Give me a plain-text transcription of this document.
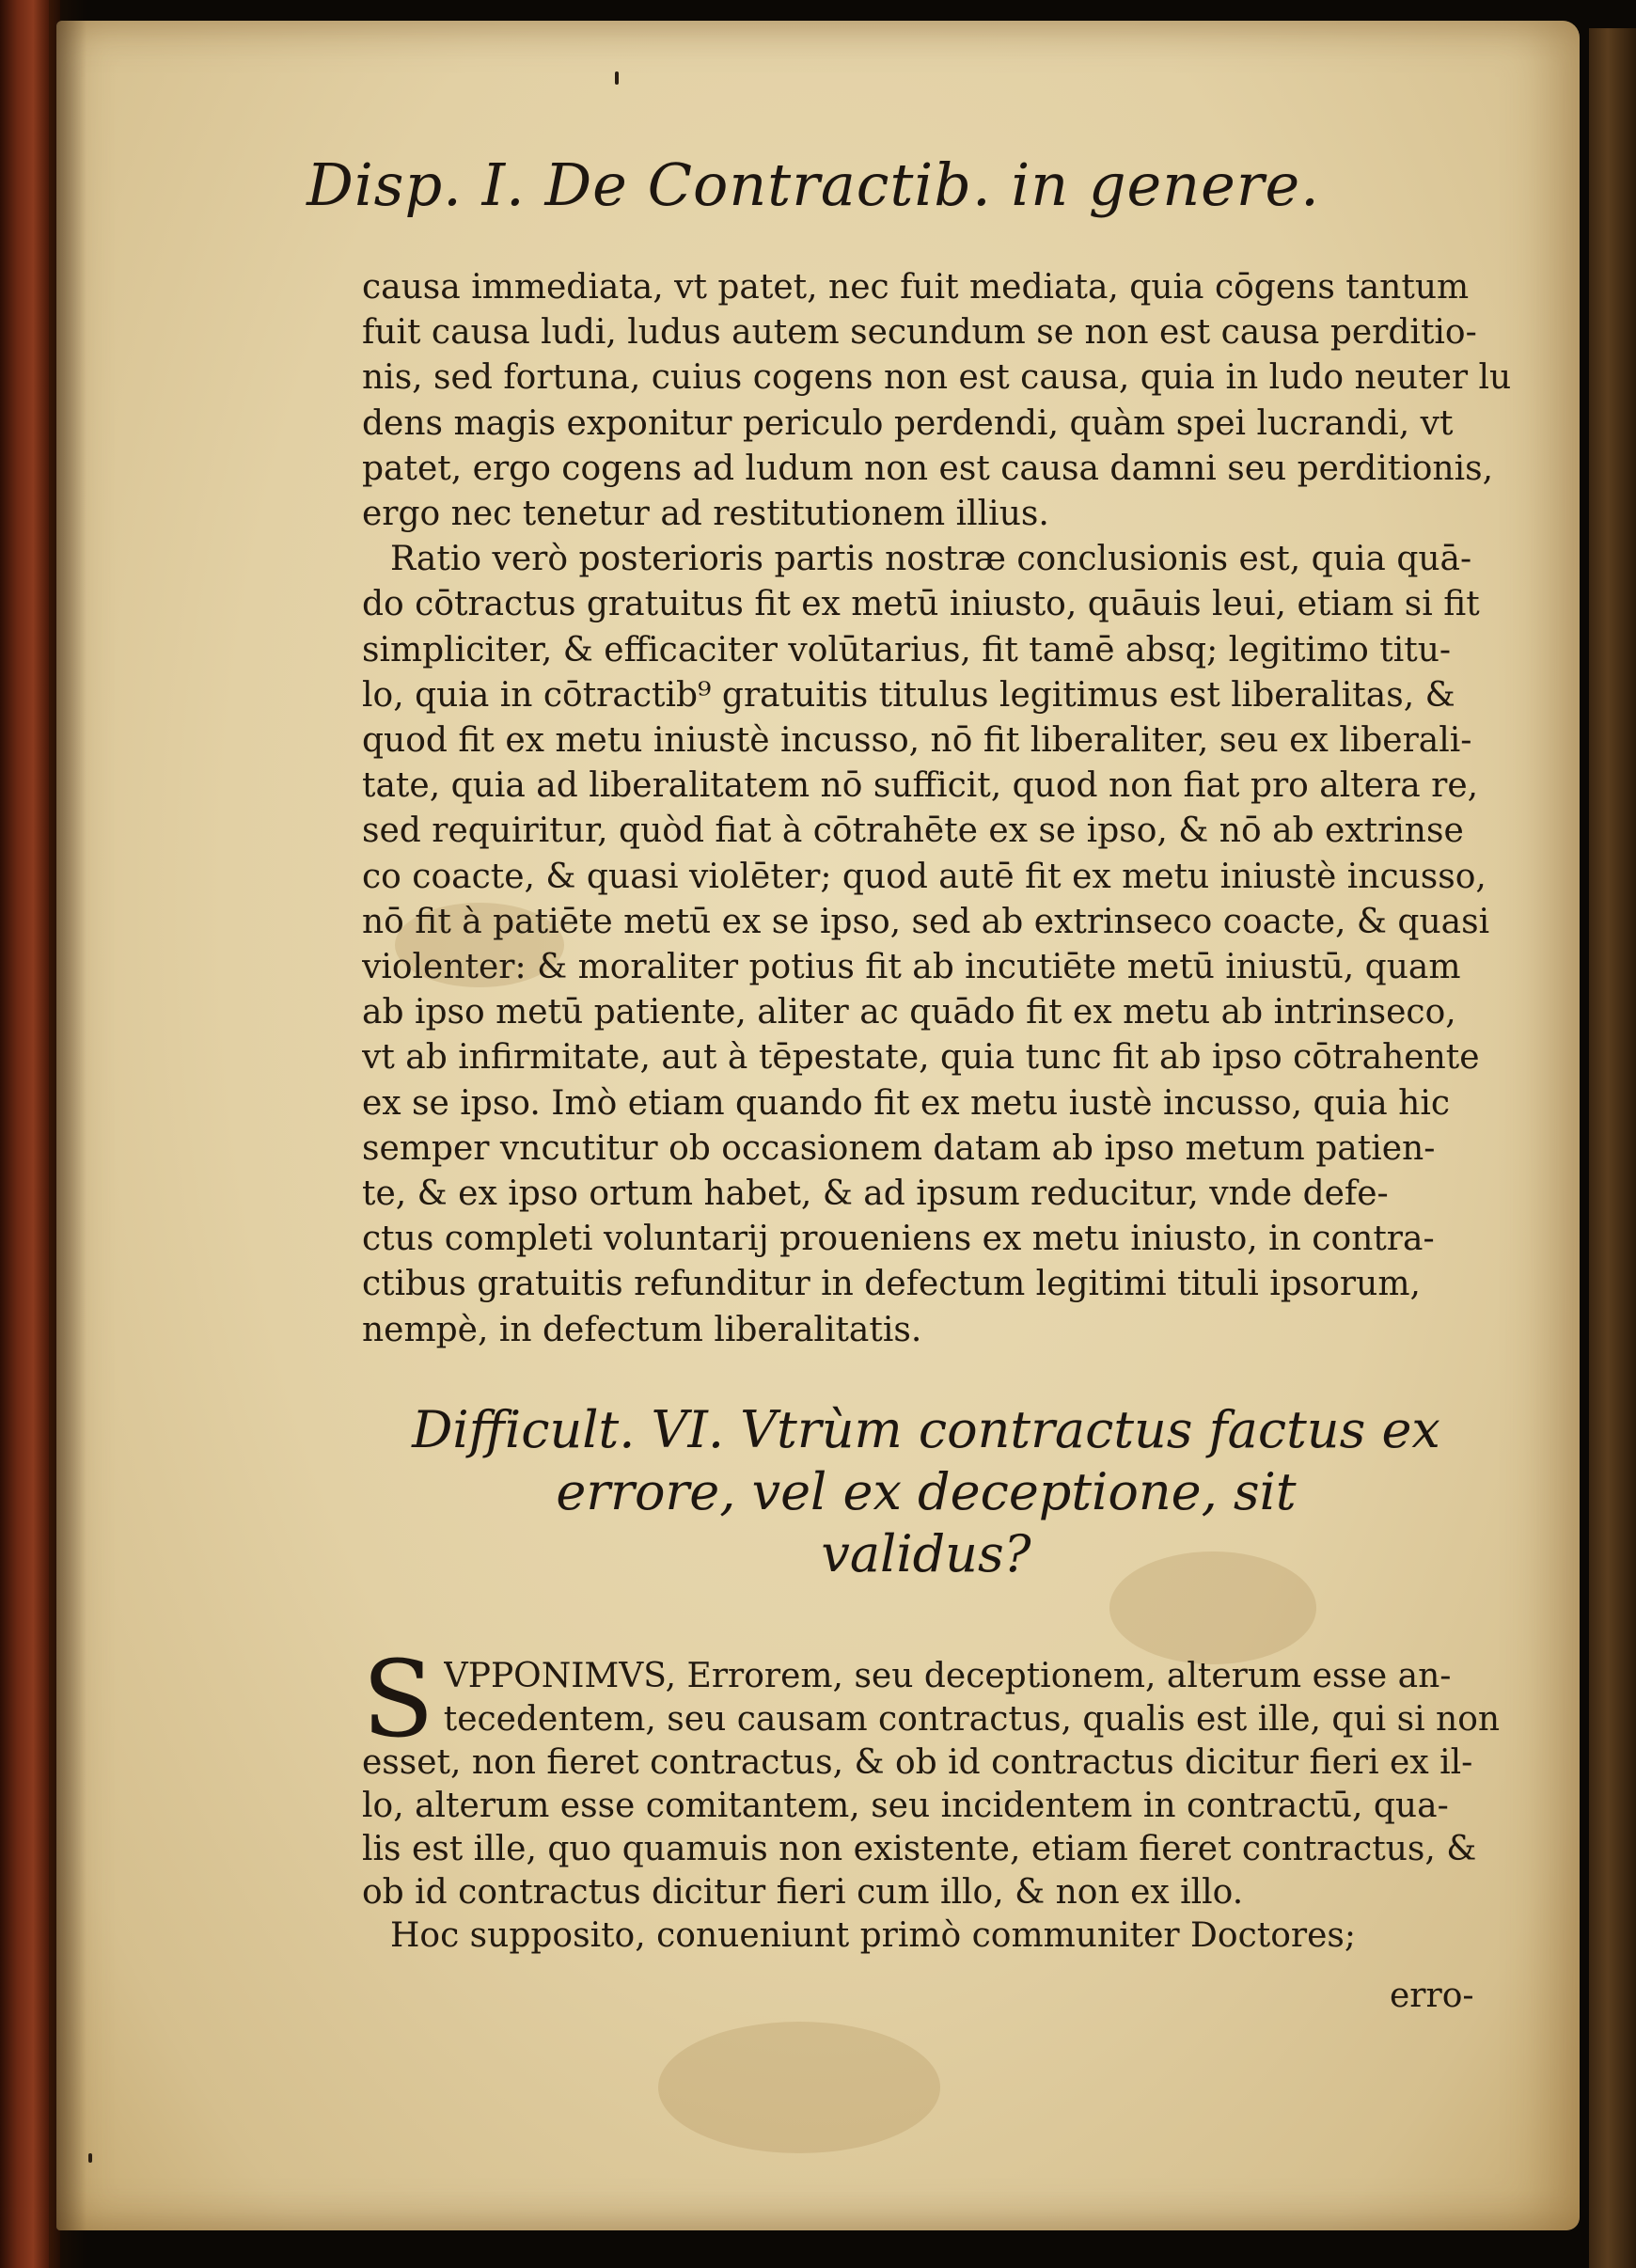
Disp. I. De Contractib. in genere.
causa immediata, vt patet, nec fuit mediata, quia cōgens tantum
fuit causa ludi, ludus autem secundum se non est causa perditio-
nis, sed fortuna, cuius cogens non est causa, quia in ludo neuter lu
dens magis exponitur periculo perdendi, quàm spei lucrandi, vt
patet, ergo cogens ad ludum non est causa damni seu perditionis,
ergo nec tenetur ad restitutionem illius.
Ratio verò posterioris partis nostræ conclusionis est, quia quā-
do cōtractus gratuitus fit ex metū iniusto, quāuis leui, etiam si fit
simpliciter, & efficaciter volūtarius, fit tamē absq; legitimo titu-
lo, quia in cōtractib⁹ gratuitis titulus legitimus est liberalitas, &
quod fit ex metu iniustè incusso, nō fit liberaliter, seu ex liberali-
tate, quia ad liberalitatem nō sufficit, quod non fiat pro altera re,
sed requiritur, quòd fiat à cōtrahēte ex se ipso, & nō ab extrinse
co coacte, & quasi violēter; quod autē fit ex metu iniustè incusso,
nō fit à patiēte metū ex se ipso, sed ab extrinseco coacte, & quasi
violenter: & moraliter potius fit ab incutiēte metū iniustū, quam
ab ipso metū patiente, aliter ac quādo fit ex metu ab intrinseco,
vt ab infirmitate, aut à tēpestate, quia tunc fit ab ipso cōtrahente
ex se ipso. Imò etiam quando fit ex metu iustè incusso, quia hic
semper vncutitur ob occasionem datam ab ipso metum patien-
te, & ex ipso ortum habet, & ad ipsum reducitur, vnde defe-
ctus completi voluntarij proueniens ex metu iniusto, in contra-
ctibus gratuitis refunditur in defectum legitimi tituli ipsorum,
nempè, in defectum liberalitatis.
Difficult. VI. Vtrùm contractus factus ex
errore, vel ex deceptione, sit
validus?
S VPPONIMVS, Errorem, seu deceptionem, alterum esse an-
tecedentem, seu causam contractus, qualis est ille, qui si non
esset, non fieret contractus, & ob id contractus dicitur fieri ex il-
lo, alterum esse comitantem, seu incidentem in contractū, qua-
lis est ille, quo quamuis non existente, etiam fieret contractus, &
ob id contractus dicitur fieri cum illo, & non ex illo.
Hoc supposito, conueniunt primò communiter Doctores;
erro-
